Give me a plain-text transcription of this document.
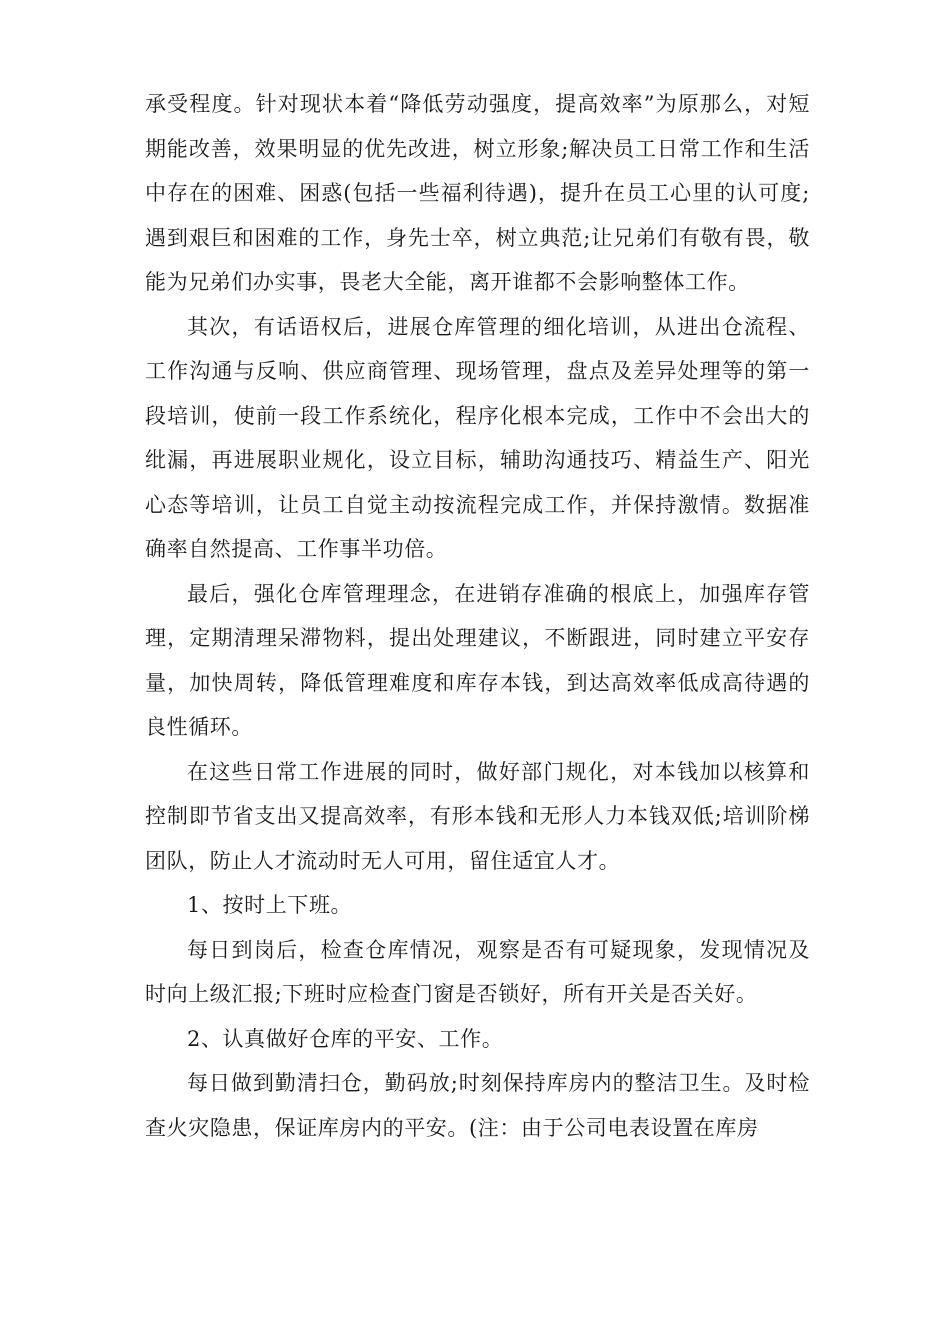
承受程度。针对现状本着“降低劳动强度，提高效率”为原那么，对短期能改善，效果明显的优先改进，树立形象;解决员工日常工作和生活中存在的困难、困惑(包括一些福利待遇)，提升在员工心里的认可度;遇到艰巨和困难的工作，身先士卒，树立典范;让兄弟们有敬有畏，敬能为兄弟们办实事，畏老大全能，离开谁都不会影响整体工作。

其次，有话语权后，进展仓库管理的细化培训，从进出仓流程、工作沟通与反响、供应商管理、现场管理，盘点及差异处理等的第一段培训，使前一段工作系统化，程序化根本完成，工作中不会出大的纰漏，再进展职业规化，设立目标，辅助沟通技巧、精益生产、阳光心态等培训，让员工自觉主动按流程完成工作，并保持激情。数据准确率自然提高、工作事半功倍。

最后，强化仓库管理理念，在进销存准确的根底上，加强库存管理，定期清理呆滞物料，提出处理建议，不断跟进，同时建立平安存量，加快周转，降低管理难度和库存本钱，到达高效率低成高待遇的良性循环。

在这些日常工作进展的同时，做好部门规化，对本钱加以核算和控制即节省支出又提高效率，有形本钱和无形人力本钱双低;培训阶梯团队，防止人才流动时无人可用，留住适宜人才。

1、按时上下班。

每日到岗后，检查仓库情况，观察是否有可疑现象，发现情况及时向上级汇报;下班时应检查门窗是否锁好，所有开关是否关好。

2、认真做好仓库的平安、工作。

每日做到勤清扫仓，勤码放;时刻保持库房内的整洁卫生。及时检查火灾隐患，保证库房内的平安。(注：由于公司电表设置在库房
